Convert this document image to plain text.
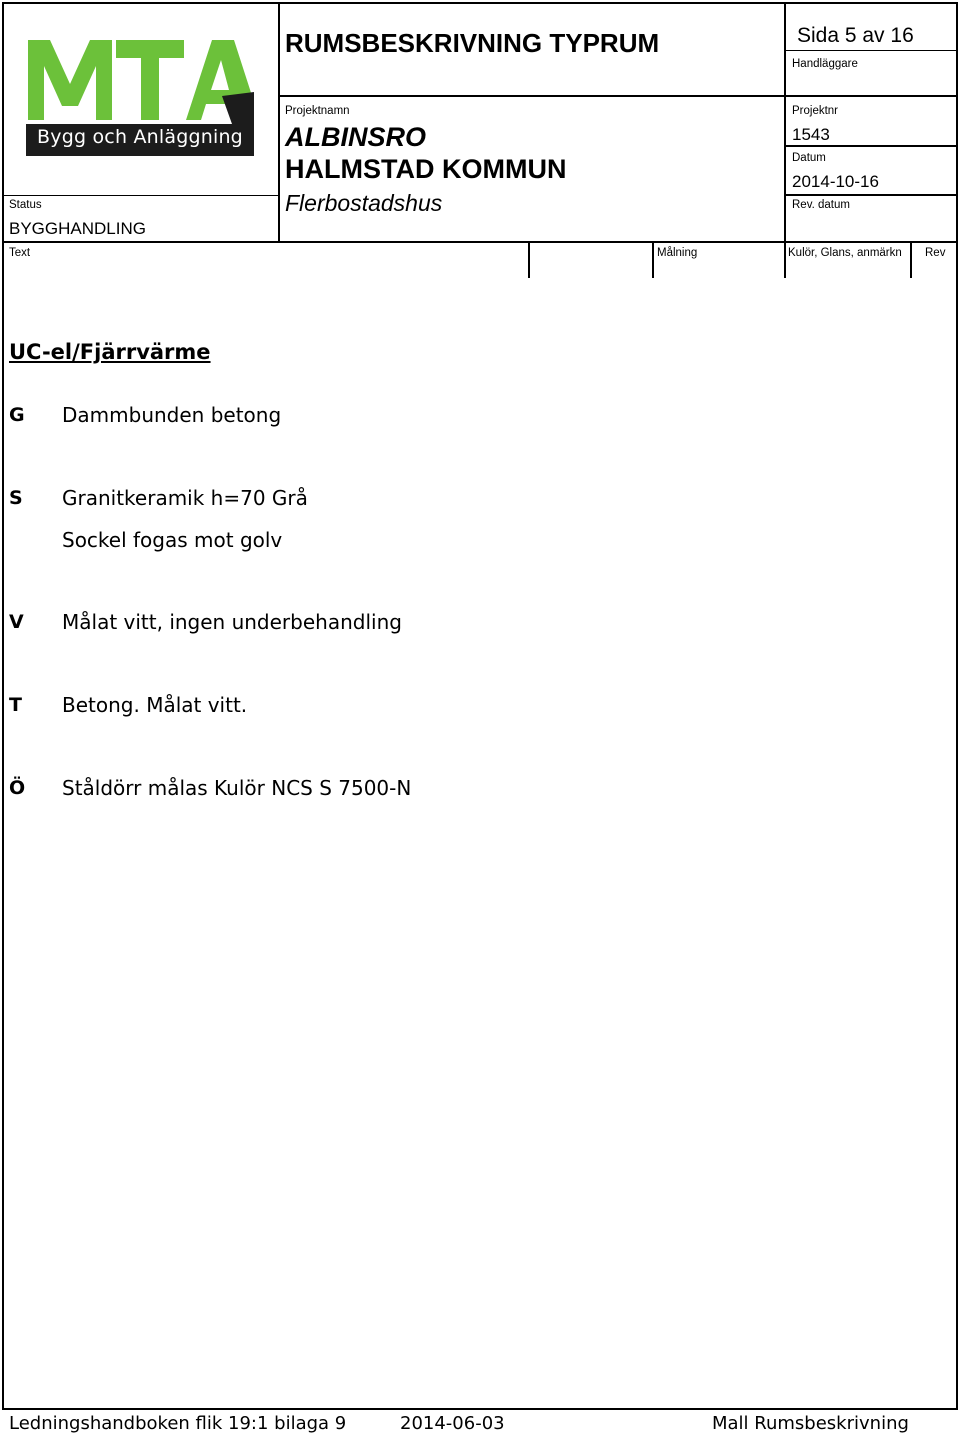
Bygg och Anläggning
RUMSBESKRIVNING TYPRUM	Sida 5 av 16
Handläggare
Projektnamn
ALBINSRO
HALMSTAD KOMMUN
Flerbostadshus
Projektnr
1543
Datum
2014-10-16
Rev. datum
Status
BYGGHANDLING
Text	Målning	Kulör, Glans, anmärkn Rev
UC-el/Fjärrvärme
G Dammbunden betong
S Granitkeramik h=70 Grå
Sockel fogas mot golv
V Målat vitt, ingen underbehandling
T Betong. Målat vitt.
Ö Ståldörr målas Kulör NCS S 7500-N
Ledningshandboken flik 19:1 bilaga 9	2014-06-03	Mall Rumsbeskrivning
